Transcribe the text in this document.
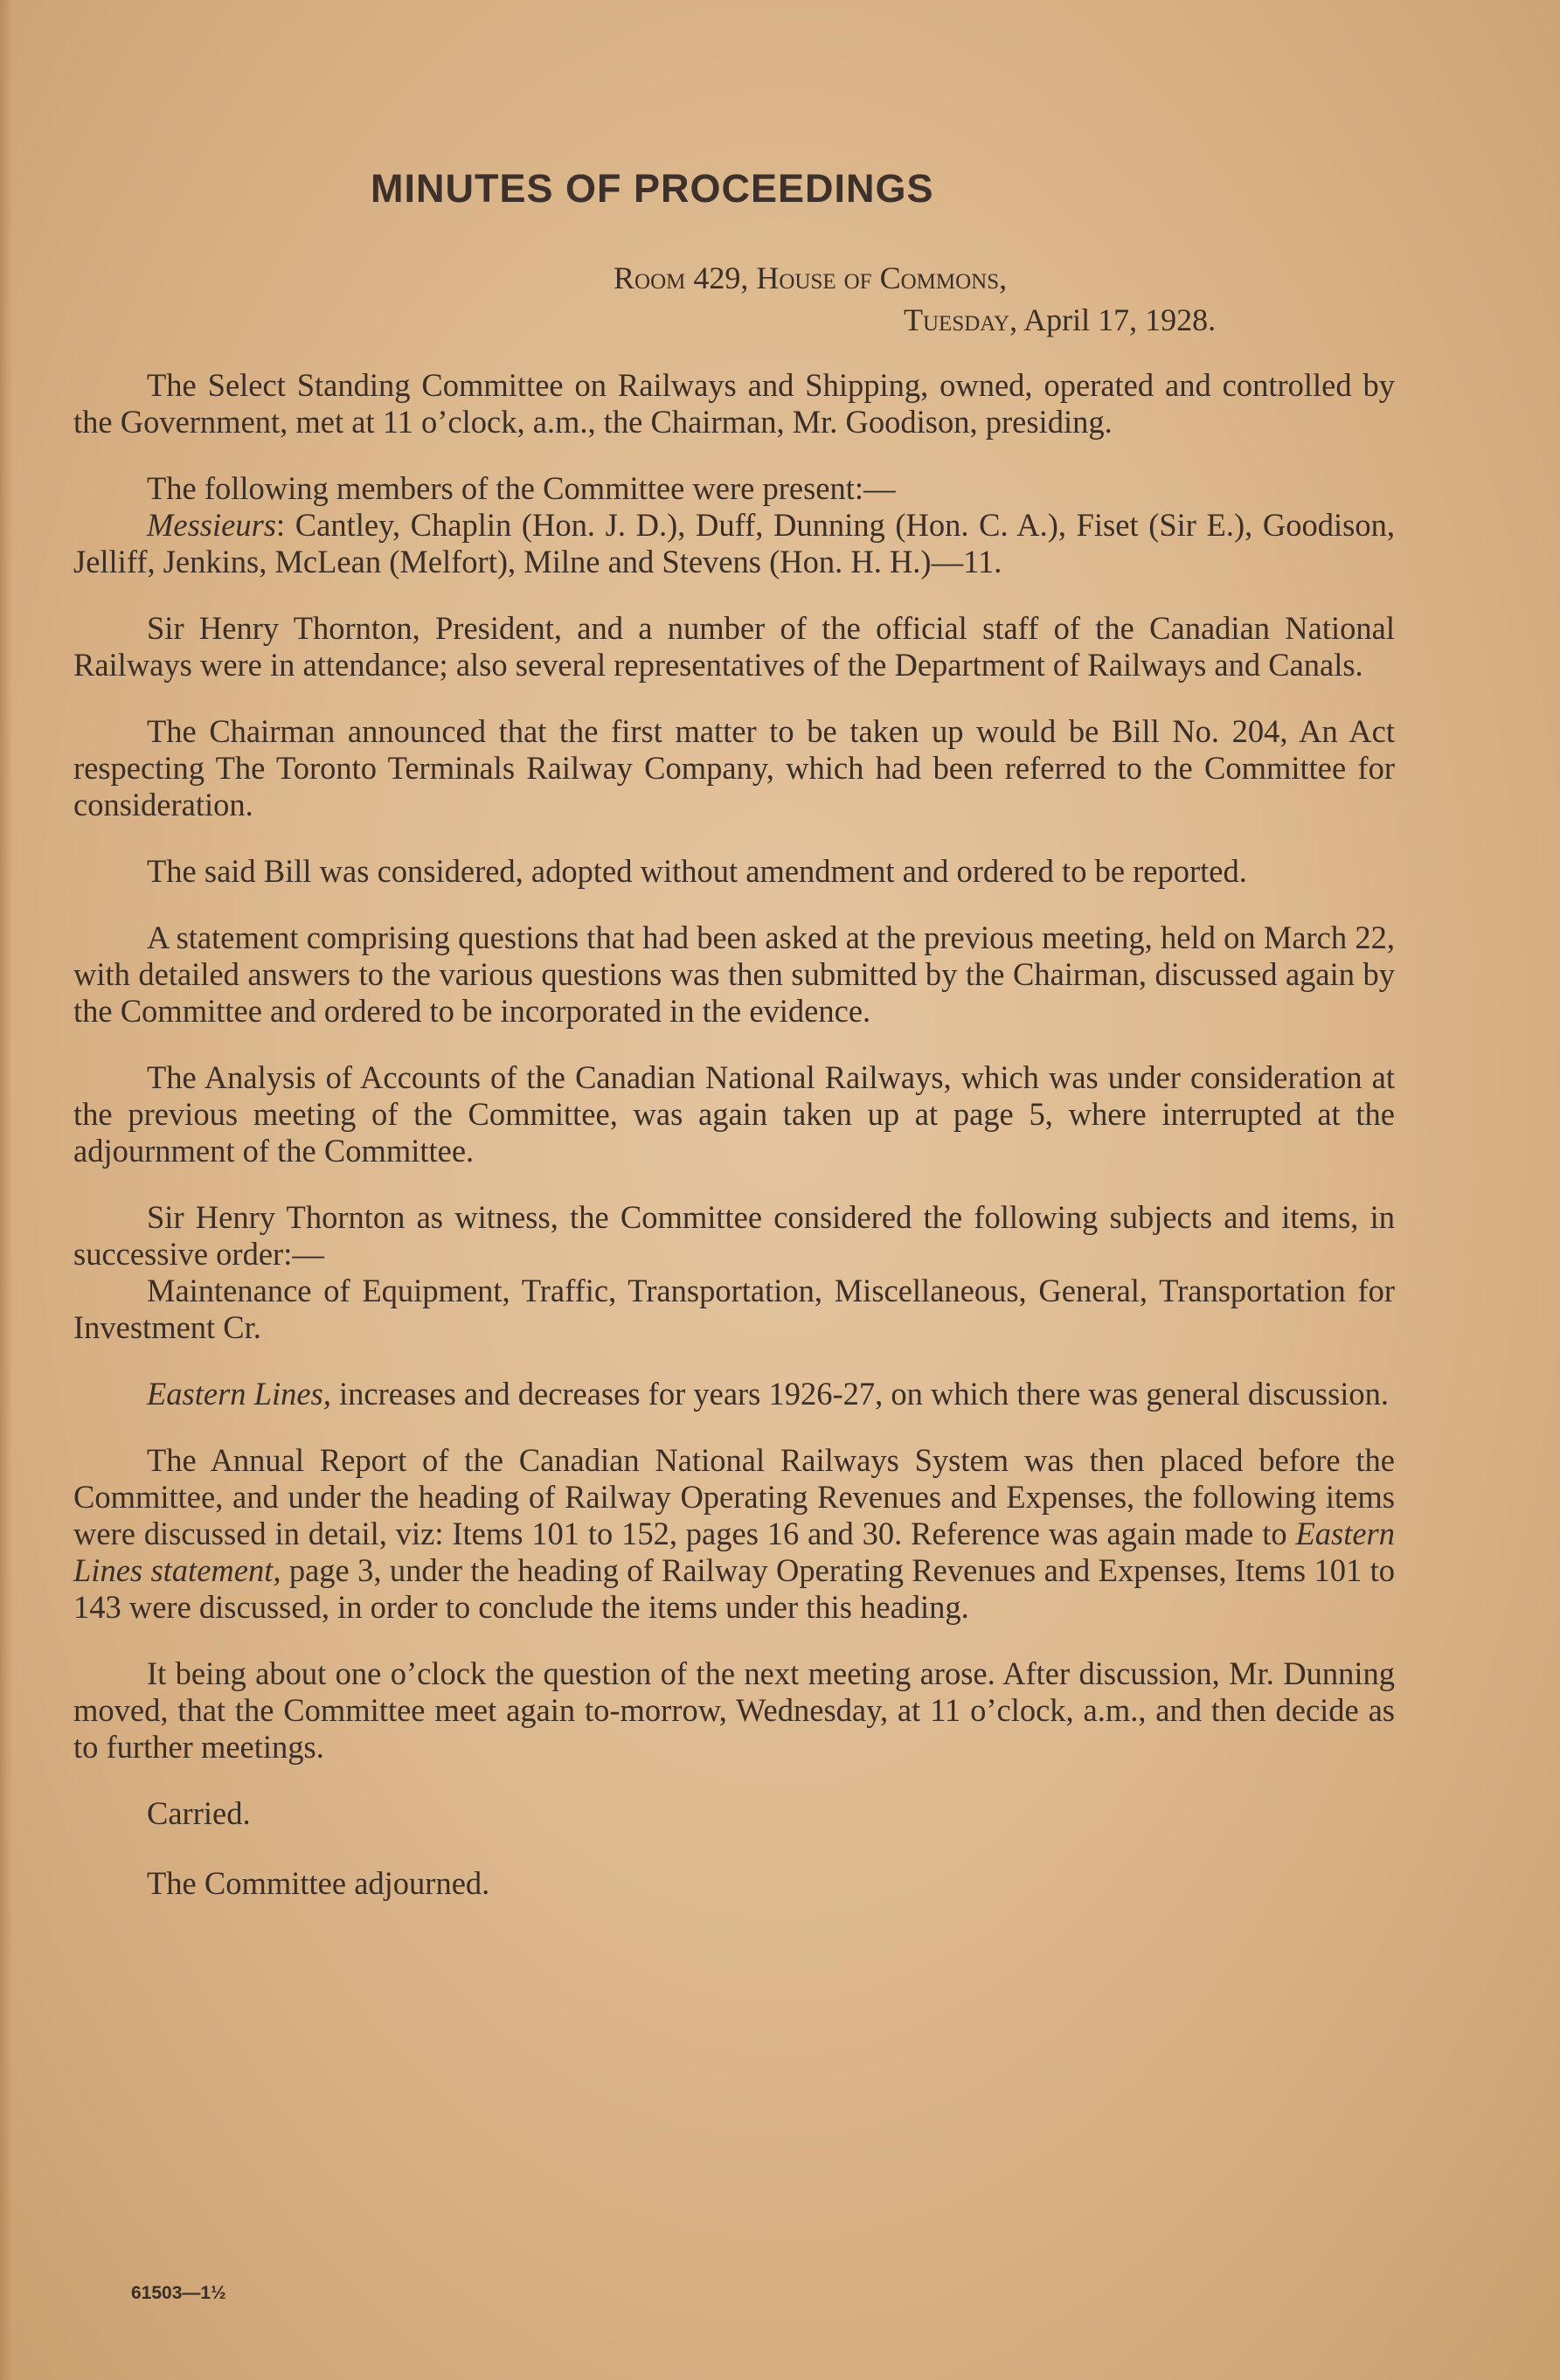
MINUTES OF PROCEEDINGS
Room 429, House of Commons,
Tuesday, April 17, 1928.

The Select Standing Committee on Railways and Shipping, owned, operated and controlled by the Government, met at 11 o’clock, a.m., the Chairman, Mr. Goodison, presiding.

The following members of the Committee were present:—

Messieurs: Cantley, Chaplin (Hon. J. D.), Duff, Dunning (Hon. C. A.), Fiset (Sir E.), Goodison, Jelliff, Jenkins, McLean (Melfort), Milne and Stevens (Hon. H. H.)—11.

Sir Henry Thornton, President, and a number of the official staff of the Canadian National Railways were in attendance; also several representatives of the Department of Railways and Canals.

The Chairman announced that the first matter to be taken up would be Bill No. 204, An Act respecting The Toronto Terminals Railway Company, which had been referred to the Committee for consideration.

The said Bill was considered, adopted without amendment and ordered to be reported.

A statement comprising questions that had been asked at the previous meeting, held on March 22, with detailed answers to the various questions was then submitted by the Chairman, discussed again by the Committee and ordered to be incorporated in the evidence.

The Analysis of Accounts of the Canadian National Railways, which was under consideration at the previous meeting of the Committee, was again taken up at page 5, where interrupted at the adjournment of the Committee.

Sir Henry Thornton as witness, the Committee considered the following subjects and items, in successive order:—

Maintenance of Equipment, Traffic, Transportation, Miscellaneous, General, Transportation for Investment Cr.

Eastern Lines, increases and decreases for years 1926-27, on which there was general discussion.

The Annual Report of the Canadian National Railways System was then placed before the Committee, and under the heading of Railway Operating Revenues and Expenses, the following items were discussed in detail, viz: Items 101 to 152, pages 16 and 30. Reference was again made to Eastern Lines statement, page 3, under the heading of Railway Operating Revenues and Expenses, Items 101 to 143 were discussed, in order to conclude the items under this heading.

It being about one o’clock the question of the next meeting arose. After discussion, Mr. Dunning moved, that the Committee meet again to-morrow, Wednesday, at 11 o’clock, a.m., and then decide as to further meetings.

Carried.

The Committee adjourned.

61503—1½
